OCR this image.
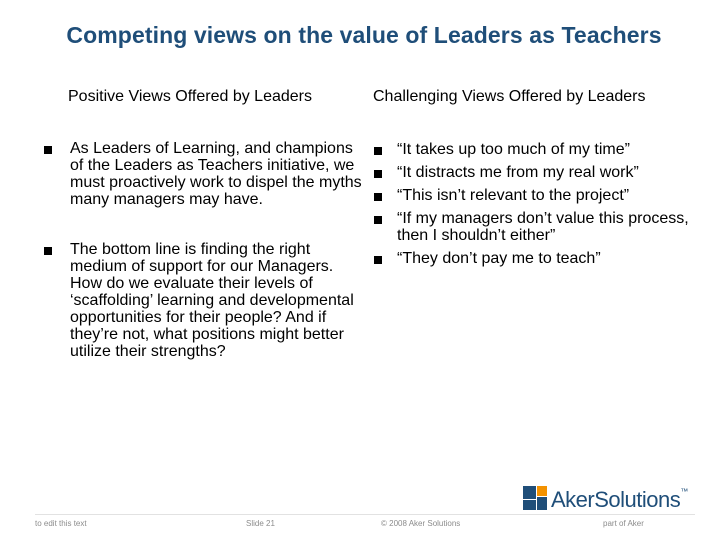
Competing views on the value of Leaders as Teachers
Positive Views Offered by Leaders	Challenging Views Offered by Leaders
As Leaders of Learning, and champions of the Leaders as Teachers initiative, we must proactively work to dispel the myths many managers may have.
The bottom line is finding the right medium of support for our Managers. How do we evaluate their levels of ‘scaffolding’ learning and developmental opportunities for their people? And if they’re not, what positions might better utilize their strengths?
“It takes up too much of my time”
“It distracts me from my real work”
“This isn’t relevant to the project”
“If my managers don’t value this process, then I shouldn’t either”
“They don’t pay me to teach”
AkerSolutions™
to edit this text	Slide 21	© 2008 Aker Solutions	part of Aker
